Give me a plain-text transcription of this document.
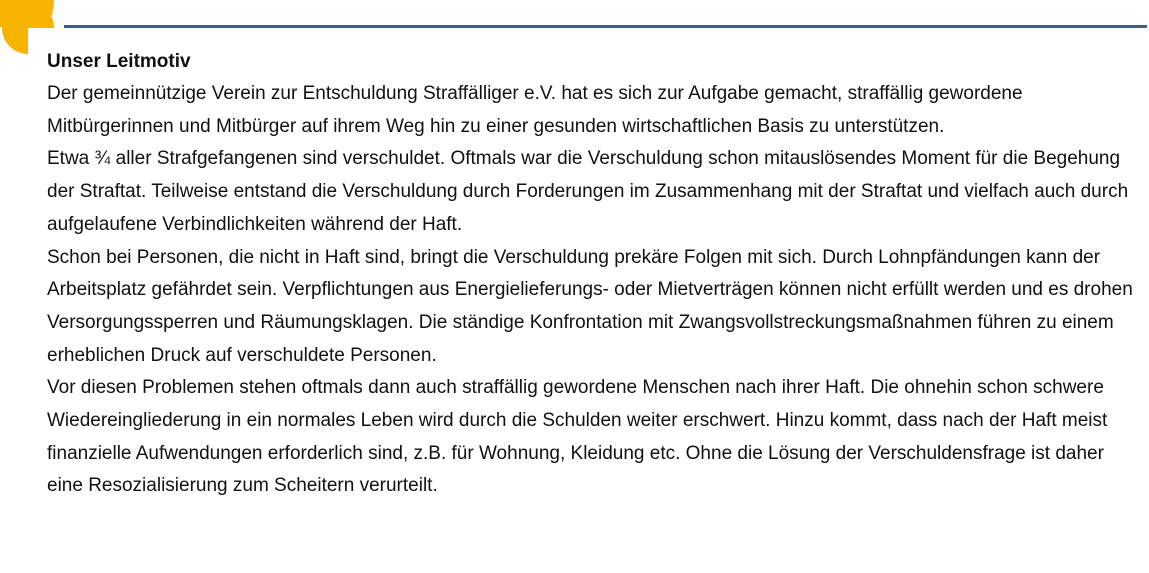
Unser Leitmotiv

Der gemeinnützige Verein zur Entschuldung Straffälliger e.V. hat es sich zur Aufgabe gemacht, straffällig gewordene Mitbürgerinnen und Mitbürger auf ihrem Weg hin zu einer gesunden wirtschaftlichen Basis zu unterstützen.

Etwa ¾ aller Strafgefangenen sind verschuldet. Oftmals war die Verschuldung schon mitauslösendes Moment für die Begehung der Straftat. Teilweise entstand die Verschuldung durch Forderungen im Zusammenhang mit der Straftat und vielfach auch durch aufgelaufene Verbindlichkeiten während der Haft.

Schon bei Personen, die nicht in Haft sind, bringt die Verschuldung prekäre Folgen mit sich. Durch Lohnpfändungen kann der Arbeitsplatz gefährdet sein. Verpflichtungen aus Energielieferungs- oder Mietverträgen können nicht erfüllt werden und es drohen Versorgungssperren und Räumungsklagen. Die ständige Konfrontation mit Zwangsvollstreckungsmaßnahmen führen zu einem erheblichen Druck auf verschuldete Personen.

Vor diesen Problemen stehen oftmals dann auch straffällig gewordene Menschen nach ihrer Haft. Die ohnehin schon schwere Wiedereingliederung in ein normales Leben wird durch die Schulden weiter erschwert. Hinzu kommt, dass nach der Haft meist finanzielle Aufwendungen erforderlich sind, z.B. für Wohnung, Kleidung etc. Ohne die Lösung der Verschuldensfrage ist daher eine Resozialisierung zum Scheitern verurteilt.
